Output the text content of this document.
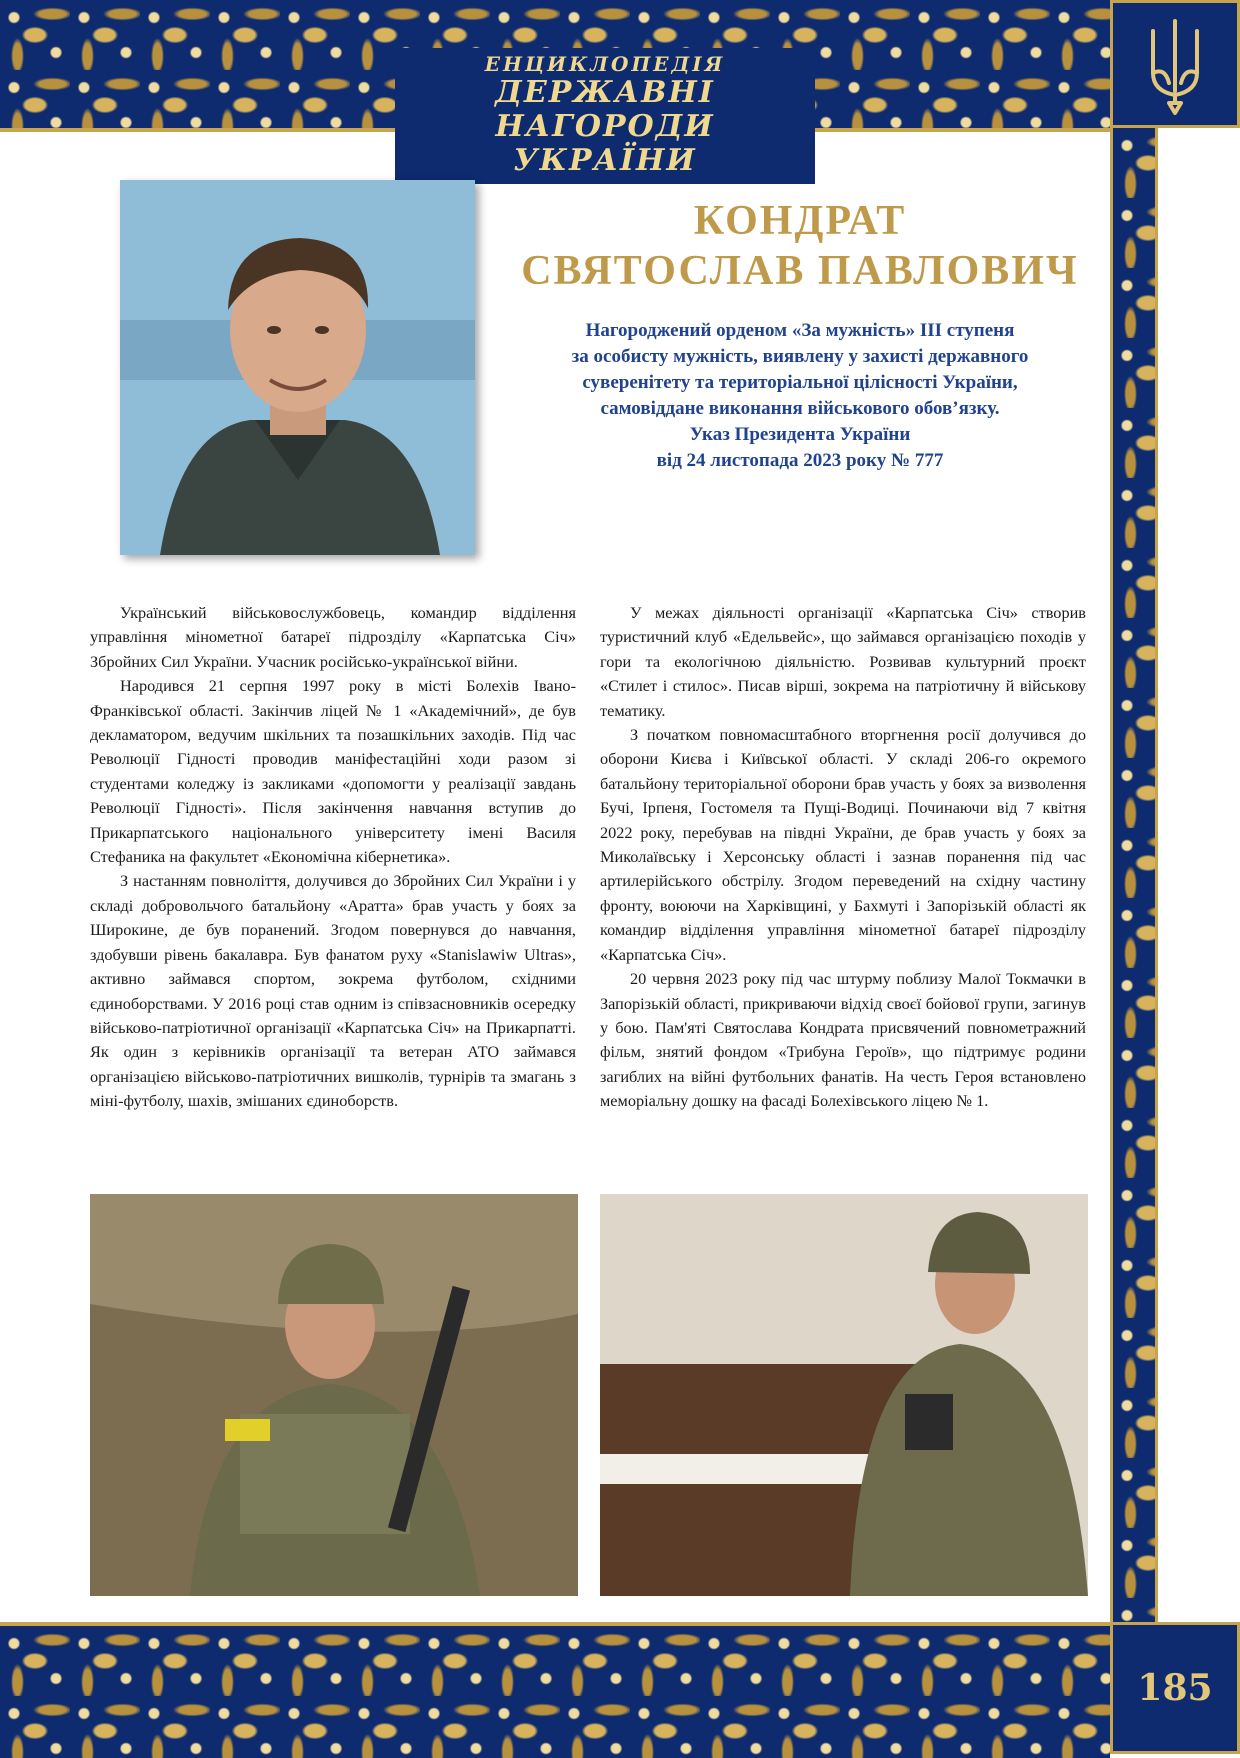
ЕНЦИКЛОПЕДІЯ
ДЕРЖАВНІ НАГОРОДИ
УКРАЇНИ
КОНДРАТ
СВЯТОСЛАВ ПАВЛОВИЧ
Нагороджений орденом «За мужність» ІІІ ступеня
за особисту мужність, виявлену у захисті державного
суверенітету та територіальної цілісності України,
самовіддане виконання військового обов’язку.
Указ Президента України
від 24 листопада 2023 року № 777

Український військовослужбовець, командир відділення управління мінометної батареї підрозділу «Карпатська Січ» Збройних Сил України. Учасник російсько-української війни.

Народився 21 серпня 1997 року в місті Болехів Івано-Франківської області. Закінчив ліцей № 1 «Академічний», де був декламатором, ведучим шкільних та позашкільних заходів. Під час Революції Гідності проводив маніфестаційні ходи разом зі студентами коледжу із закликами «допомогти у реалізації завдань Революції Гідності». Після закінчення навчання вступив до Прикарпатського національного університету імені Василя Стефаника на факультет «Економічна кібернетика».

З настанням повноліття, долучився до Збройних Сил України і у складі добровольчого батальйону «Аратта» брав участь у боях за Широкине, де був поранений. Згодом повернувся до навчання, здобувши рівень бакалавра. Був фанатом руху «Stanislawiw Ultras», активно займався спортом, зокрема футболом, східними єдиноборствами. У 2016 році став одним із співзасновників осередку військово-патріотичної організації «Карпатська Січ» на Прикарпатті. Як один з керівників організації та ветеран АТО займався організацією військово-патріотичних вишколів, турнірів та змагань з міні-футболу, шахів, змішаних єдиноборств.

У межах діяльності організації «Карпатська Січ» створив туристичний клуб «Едельвейс», що займався організацією походів у гори та екологічною діяльністю. Розвивав культурний проєкт «Стилет і стилос». Писав вірші, зокрема на патріотичну й військову тематику.

З початком повномасштабного вторгнення росії долучився до оборони Києва і Київської області. У складі 206-го окремого батальйону територіальної оборони брав участь у боях за визволення Бучі, Ірпеня, Гостомеля та Пущі-Водиці. Починаючи від 7 квітня 2022 року, перебував на півдні України, де брав участь у боях за Миколаївську і Херсонську області і зазнав поранення під час артилерійського обстрілу. Згодом переведений на східну частину фронту, воюючи на Харківщині, у Бахмуті і Запорізькій області як командир відділення управління мінометної батареї підрозділу «Карпатська Січ».

20 червня 2023 року під час штурму поблизу Малої Токмачки в Запорізькій області, прикриваючи відхід своєї бойової групи, загинув у бою. Пам'яті Святослава Кондрата присвячений повнометражний фільм, знятий фондом «Трибуна Героїв», що підтримує родини загиблих на війні футбольних фанатів. На честь Героя встановлено меморіальну дошку на фасаді Болехівського ліцею № 1.

185
